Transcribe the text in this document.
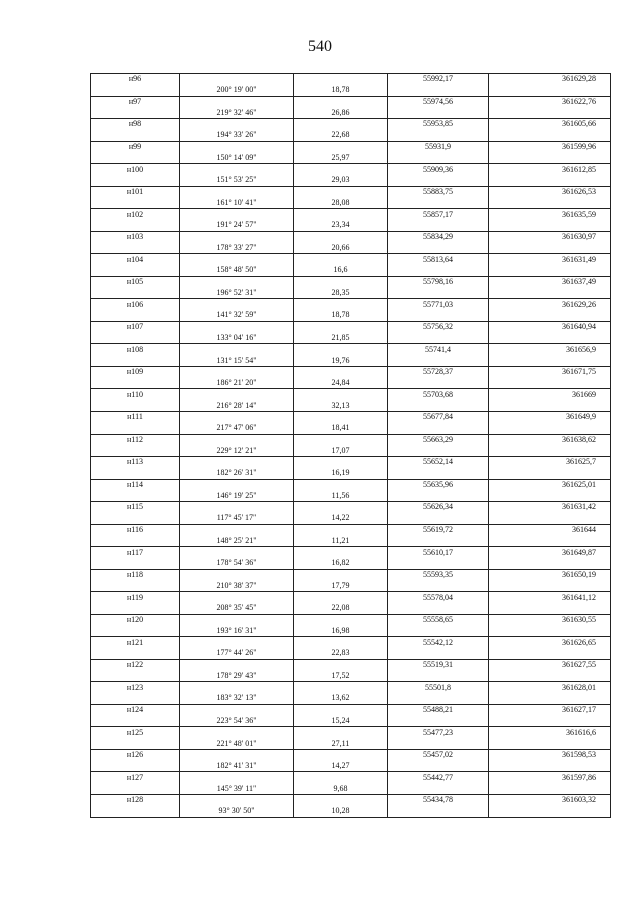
540
н96			55992,17	361629,28
	200° 19' 00"	18,78		
н97			55974,56	361622,76
	219° 32' 46"	26,86		
н98			55953,85	361605,66
	194° 33' 26"	22,68		
н99			55931,9	361599,96
	150° 14' 09"	25,97		
н100			55909,36	361612,85
	151° 53' 25"	29,03		
н101			55883,75	361626,53
	161° 10' 41"	28,08		
н102			55857,17	361635,59
	191° 24' 57"	23,34		
н103			55834,29	361630,97
	178° 33' 27"	20,66		
н104			55813,64	361631,49
	158° 48' 50"	16,6		
н105			55798,16	361637,49
	196° 52' 31"	28,35		
н106			55771,03	361629,26
	141° 32' 59"	18,78		
н107			55756,32	361640,94
	133° 04' 16"	21,85		
н108			55741,4	361656,9
	131° 15' 54"	19,76		
н109			55728,37	361671,75
	186° 21' 20"	24,84		
н110			55703,68	361669
	216° 28' 14"	32,13		
н111			55677,84	361649,9
	217° 47' 06"	18,41		
н112			55663,29	361638,62
	229° 12' 21"	17,07		
н113			55652,14	361625,7
	182° 26' 31"	16,19		
н114			55635,96	361625,01
	146° 19' 25"	11,56		
н115			55626,34	361631,42
	117° 45' 17"	14,22		
н116			55619,72	361644
	148° 25' 21"	11,21		
н117			55610,17	361649,87
	178° 54' 36"	16,82		
н118			55593,35	361650,19
	210° 38' 37"	17,79		
н119			55578,04	361641,12
	208° 35' 45"	22,08		
н120			55558,65	361630,55
	193° 16' 31"	16,98		
н121			55542,12	361626,65
	177° 44' 26"	22,83		
н122			55519,31	361627,55
	178° 29' 43"	17,52		
н123			55501,8	361628,01
	183° 32' 13"	13,62		
н124			55488,21	361627,17
	223° 54' 36"	15,24		
н125			55477,23	361616,6
	221° 48' 01"	27,11		
н126			55457,02	361598,53
	182° 41' 31"	14,27		
н127			55442,77	361597,86
	145° 39' 11"	9,68		
н128			55434,78	361603,32
	93° 30' 50"	10,28		
